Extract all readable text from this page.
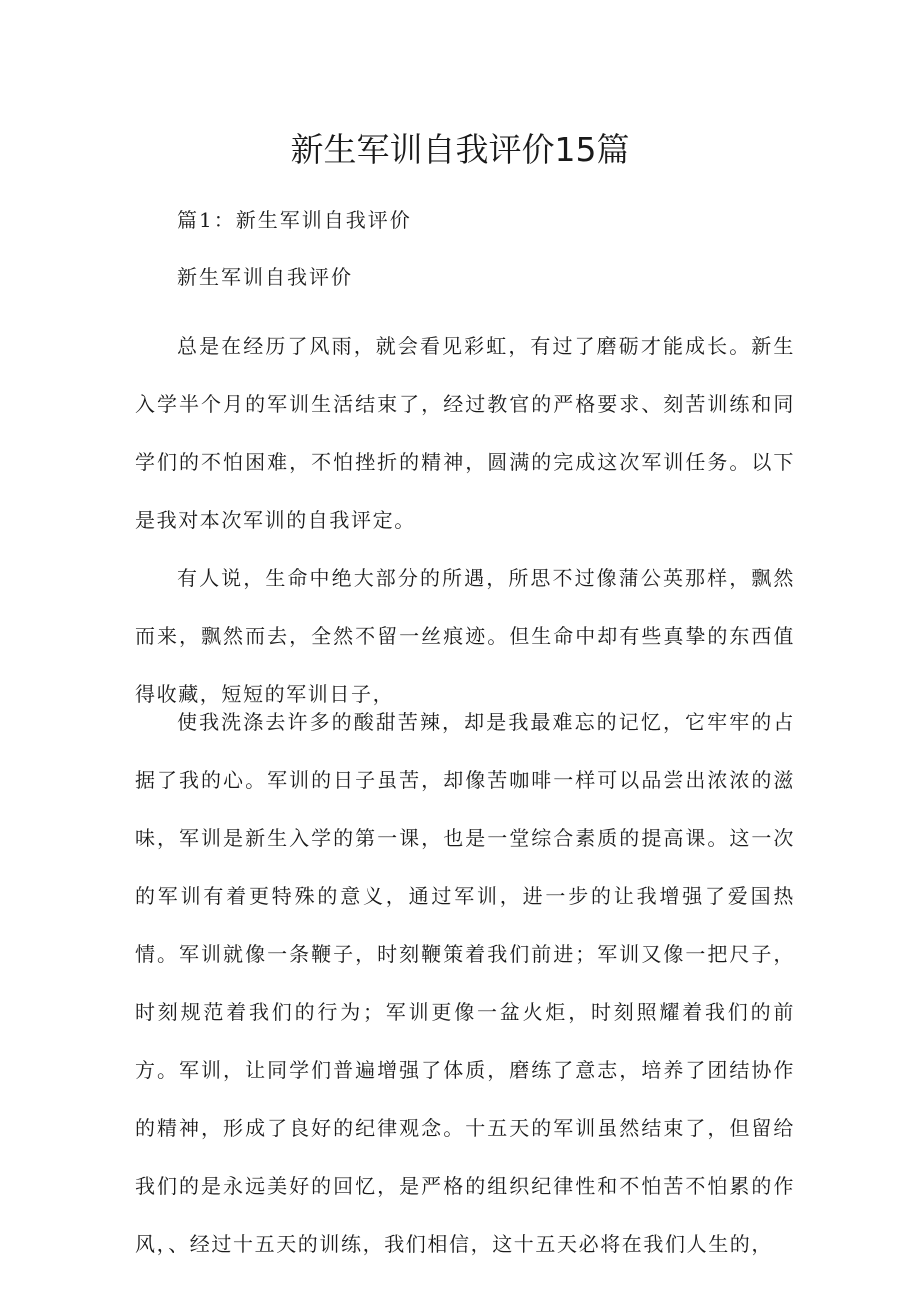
新生军训自我评价15篇
篇1：新生军训自我评价
新生军训自我评价

总是在经历了风雨，就会看见彩虹，有过了磨砺才能成长。新生入学半个月的军训生活结束了，经过教官的严格要求、刻苦训练和同学们的不怕困难，不怕挫折的精神，圆满的完成这次军训任务。以下是我对本次军训的自我评定。

有人说，生命中绝大部分的所遇，所思不过像蒲公英那样，飘然而来，飘然而去，全然不留一丝痕迹。但生命中却有些真挚的东西值得收藏，短短的军训日子，

使我洗涤去许多的酸甜苦辣，却是我最难忘的记忆，它牢牢的占据了我的心。军训的日子虽苦，却像苦咖啡一样可以品尝出浓浓的滋味，军训是新生入学的第一课，也是一堂综合素质的提高课。这一次的军训有着更特殊的意义，通过军训，进一步的让我增强了爱国热情。军训就像一条鞭子，时刻鞭策着我们前进；军训又像一把尺子，时刻规范着我们的行为；军训更像一盆火炬，时刻照耀着我们的前方。军训，让同学们普遍增强了体质，磨练了意志，培养了团结协作的精神，形成了良好的纪律观念。十五天的军训虽然结束了，但留给我们的是永远美好的回忆，是严格的组织纪律性和不怕苦不怕累的作风，、经过十五天的训练，我们相信，这十五天必将在我们人生的，
